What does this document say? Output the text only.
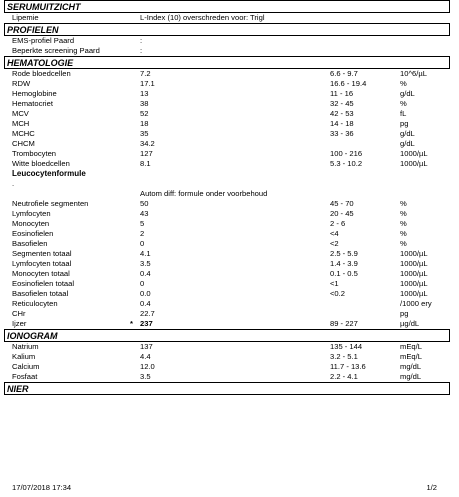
SERUMUITZICHT
Lipemie	L-Index (10) overschreden voor: Trigl
PROFIELEN
EMS-profiel Paard	:
Beperkte screening Paard	:
HEMATOLOGIE
Rode bloedcellen	7.2	6.6 - 9.7	10^6/µL
RDW	17.1	16.6 - 19.4	%
Hemoglobine	13	11 - 16	g/dL
Hematocriet	38	32 - 45	%
MCV	52	42 - 53	fL
MCH	18	14 - 18	pg
MCHC	35	33 - 36	g/dL
CHCM	34.2	g/dL
Trombocyten	127	100 - 216	1000/µL
Witte bloedcellen	8.1	5.3 - 10.2	1000/µL
Leucocytenformule
.
Autom diff: formule onder voorbehoud
Neutrofiele segmenten	50	45 - 70	%
Lymfocyten	43	20 - 45	%
Monocyten	5	2 - 6	%
Eosinofielen	2	<4	%
Basofielen	0	<2	%
Segmenten totaal	4.1	2.5 - 5.9	1000/µL
Lymfocyten totaal	3.5	1.4 - 3.9	1000/µL
Monocyten totaal	0.4	0.1 - 0.5	1000/µL
Eosinofielen totaal	0	<1	1000/µL
Basofielen totaal	0.0	<0.2	1000/µL
Reticulocyten	0.4	/1000 ery
CHr	22.7	pg
Ijzer	* 237	89 - 227	µg/dL
IONOGRAM
Natrium	137	135 - 144	mEq/L
Kalium	4.4	3.2 - 5.1	mEq/L
Calcium	12.0	11.7 - 13.6	mg/dL
Fosfaat	3.5	2.2 - 4.1	mg/dL
NIER
17/07/2018 17:34	1/2
